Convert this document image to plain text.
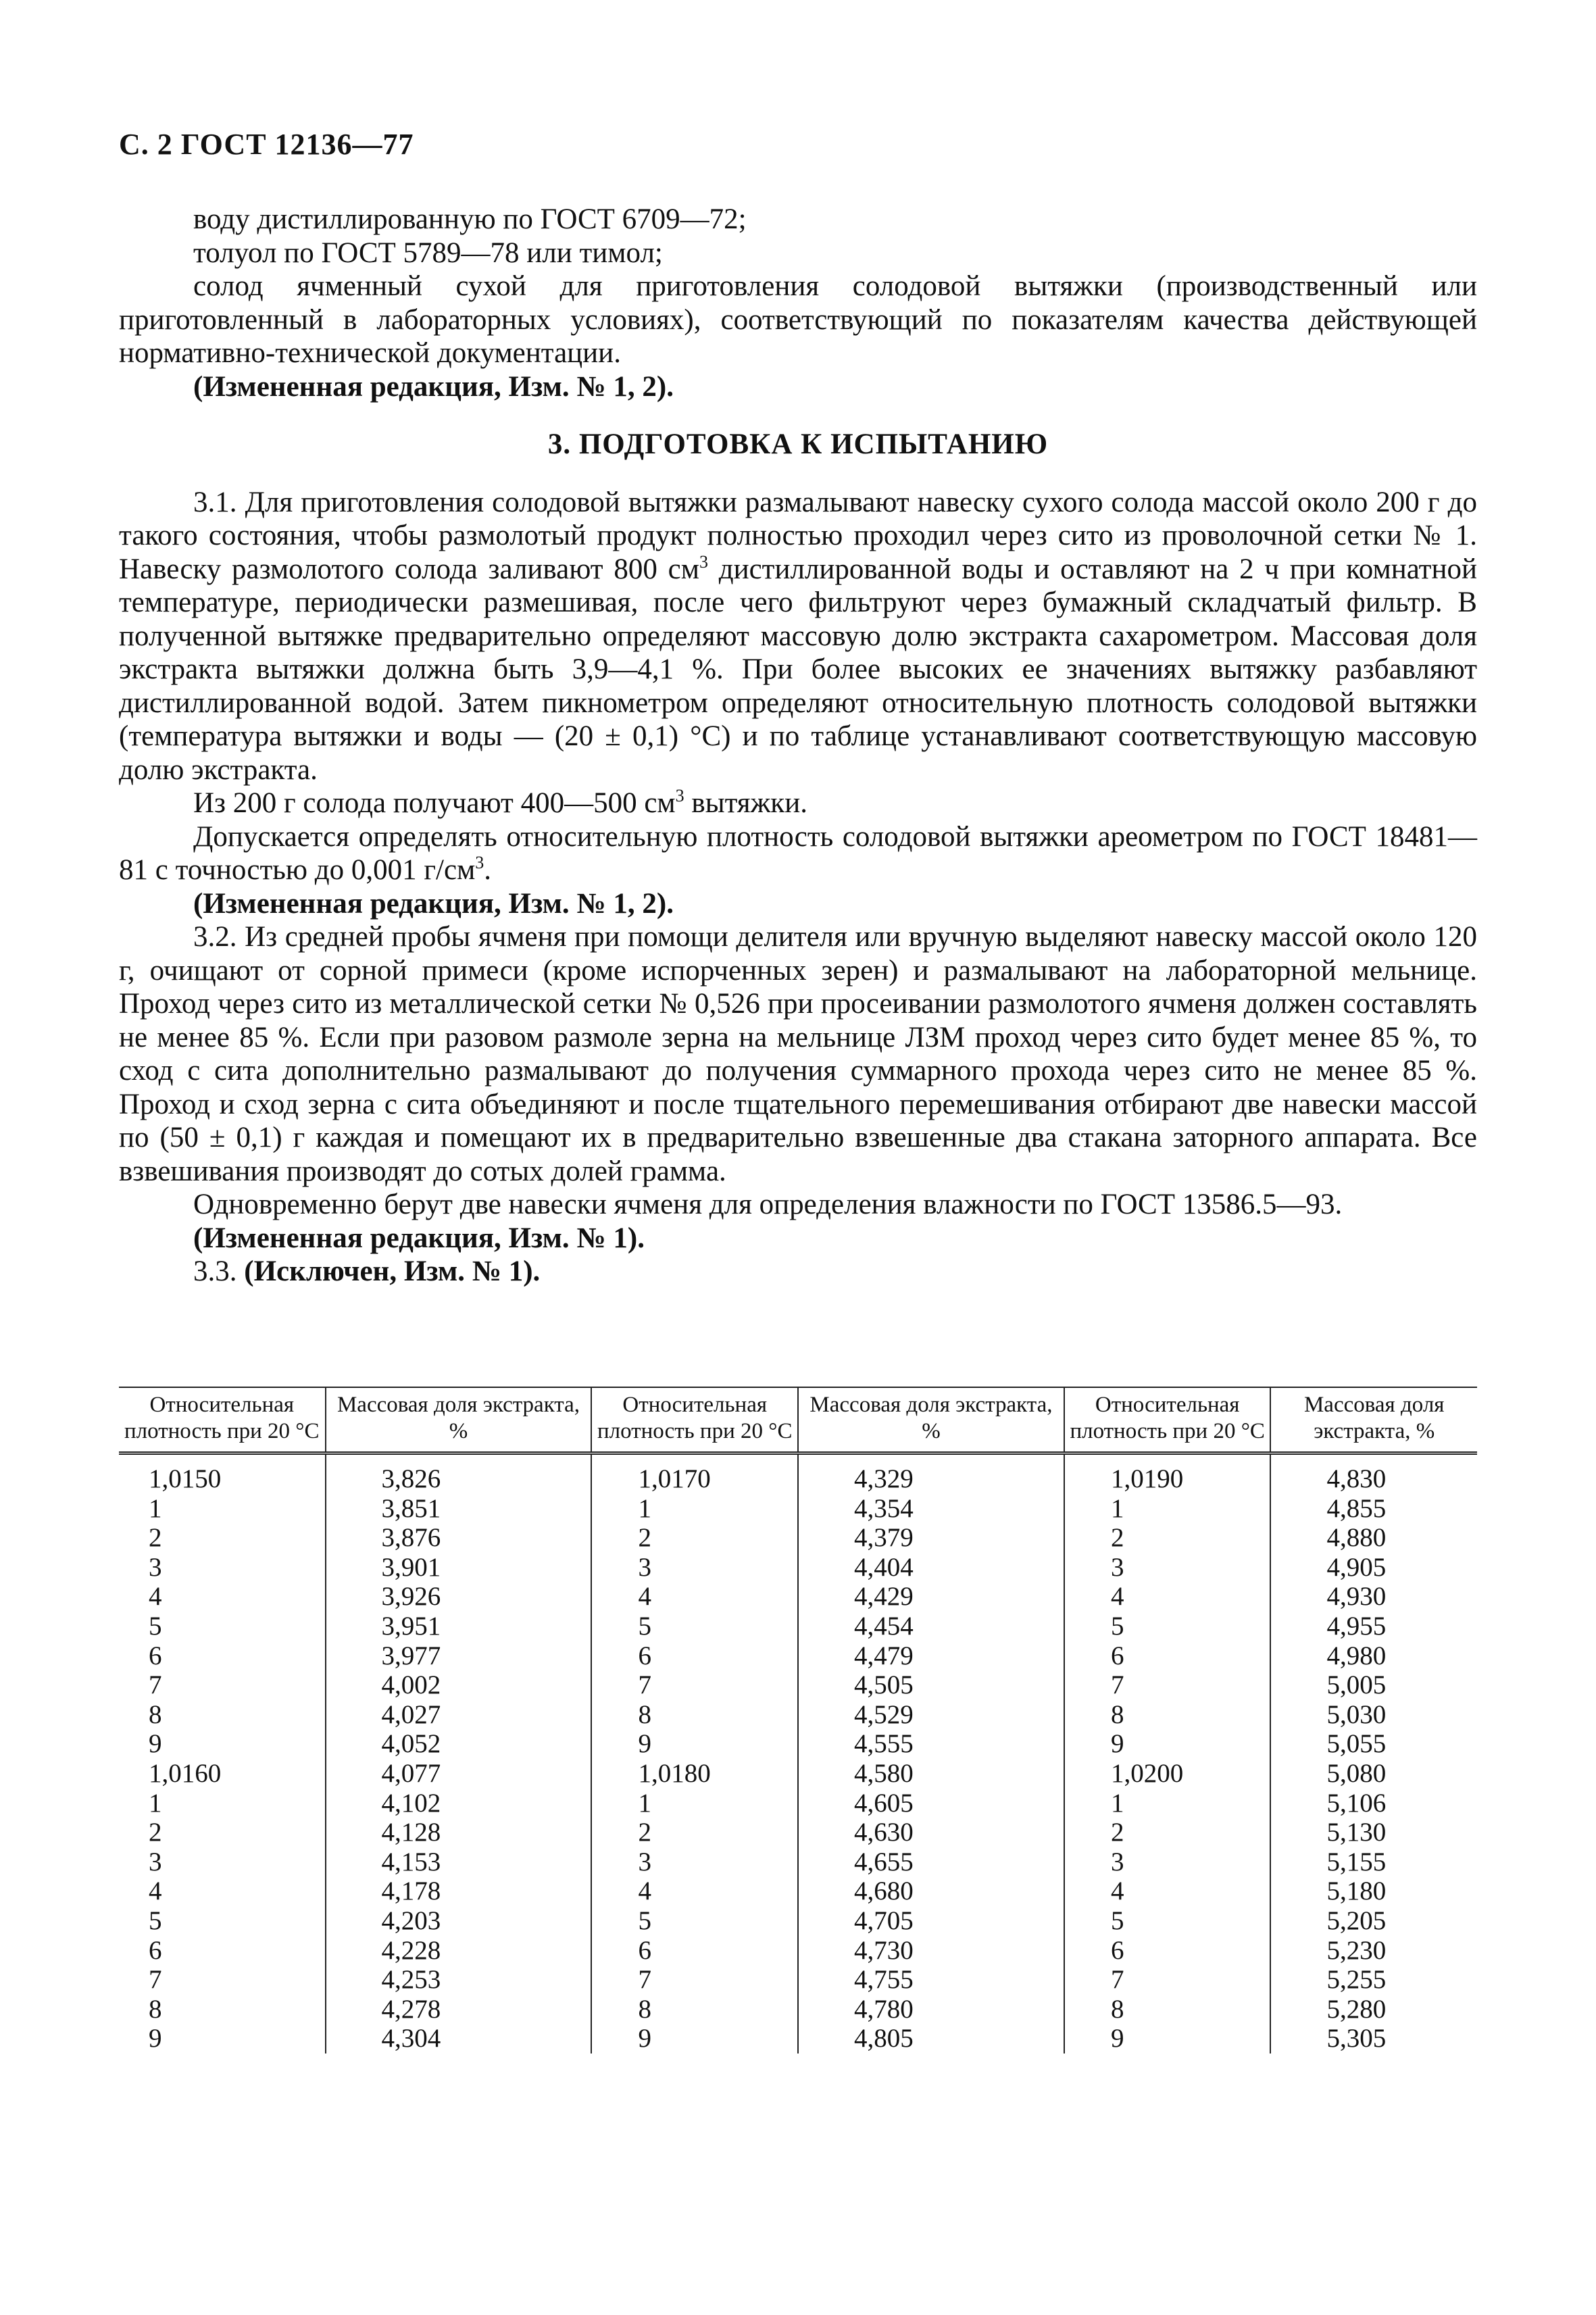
С. 2 ГОСТ 12136—77

воду дистиллированную по ГОСТ 6709—72;

толуол по ГОСТ 5789—78 или тимол;

солод ячменный сухой для приготовления солодовой вытяжки (производственный или приготовленный в лабораторных условиях), соответствующий по показателям качества действующей нормативно-технической документации.

(Измененная редакция, Изм. № 1, 2).

3. ПОДГОТОВКА К ИСПЫТАНИЮ

3.1. Для приготовления солодовой вытяжки размалывают навеску сухого солода массой около 200 г до такого состояния, чтобы размолотый продукт полностью проходил через сито из проволочной сетки № 1. Навеску размолотого солода заливают 800 $см^3$ дистиллированной воды и оставляют на 2 ч при комнатной температуре, периодически размешивая, после чего фильтруют через бумажный складчатый фильтр. В полученной вытяжке предварительно определяют массовую долю экстракта сахарометром. Массовая доля экстракта вытяжки должна быть 3,9—4,1 %. При более высоких ее значениях вытяжку разбавляют дистиллированной водой. Затем пикнометром определяют относительную плотность солодовой вытяжки (температура вытяжки и воды — (20 ± 0,1) °С) и по таблице устанавливают соответствующую массовую долю экстракта.

Из 200 г солода получают 400—500 $см^3$ вытяжки.

Допускается определять относительную плотность солодовой вытяжки ареометром по ГОСТ 18481—81 с точностью до 0,001 $г/см^3$.

(Измененная редакция, Изм. № 1, 2).

3.2. Из средней пробы ячменя при помощи делителя или вручную выделяют навеску массой около 120 г, очищают от сорной примеси (кроме испорченных зерен) и размалывают на лабораторной мельнице. Проход через сито из металлической сетки № 0,526 при просеивании размолотого ячменя должен составлять не менее 85 %. Если при разовом размоле зерна на мельнице ЛЗМ проход через сито будет менее 85 %, то сход с сита дополнительно размалывают до получения суммарного прохода через сито не менее 85 %. Проход и сход зерна с сита объединяют и после тщательного перемешивания отбирают две навески массой по (50 ± 0,1) г каждая и помещают их в предварительно взвешенные два стакана заторного аппарата. Все взвешивания производят до сотых долей грамма.

Одновременно берут две навески ячменя для определения влажности по ГОСТ 13586.5—93.

(Измененная редакция, Изм. № 1).

3.3. (Исключен, Изм. № 1).

Относительная плотность при 20 °С	Массовая доля экстракта, %	Относительная плотность при 20 °С	Массовая доля экстракта, %	Относительная плотность при 20 °С	Массовая доля экстракта, %
1,0150	3,826	1,0170	4,329	1,0190	4,830
1	3,851	1	4,354	1	4,855
2	3,876	2	4,379	2	4,880
3	3,901	3	4,404	3	4,905
4	3,926	4	4,429	4	4,930
5	3,951	5	4,454	5	4,955
6	3,977	6	4,479	6	4,980
7	4,002	7	4,505	7	5,005
8	4,027	8	4,529	8	5,030
9	4,052	9	4,555	9	5,055
1,0160	4,077	1,0180	4,580	1,0200	5,080
1	4,102	1	4,605	1	5,106
2	4,128	2	4,630	2	5,130
3	4,153	3	4,655	3	5,155
4	4,178	4	4,680	4	5,180
5	4,203	5	4,705	5	5,205
6	4,228	6	4,730	6	5,230
7	4,253	7	4,755	7	5,255
8	4,278	8	4,780	8	5,280
9	4,304	9	4,805	9	5,305
